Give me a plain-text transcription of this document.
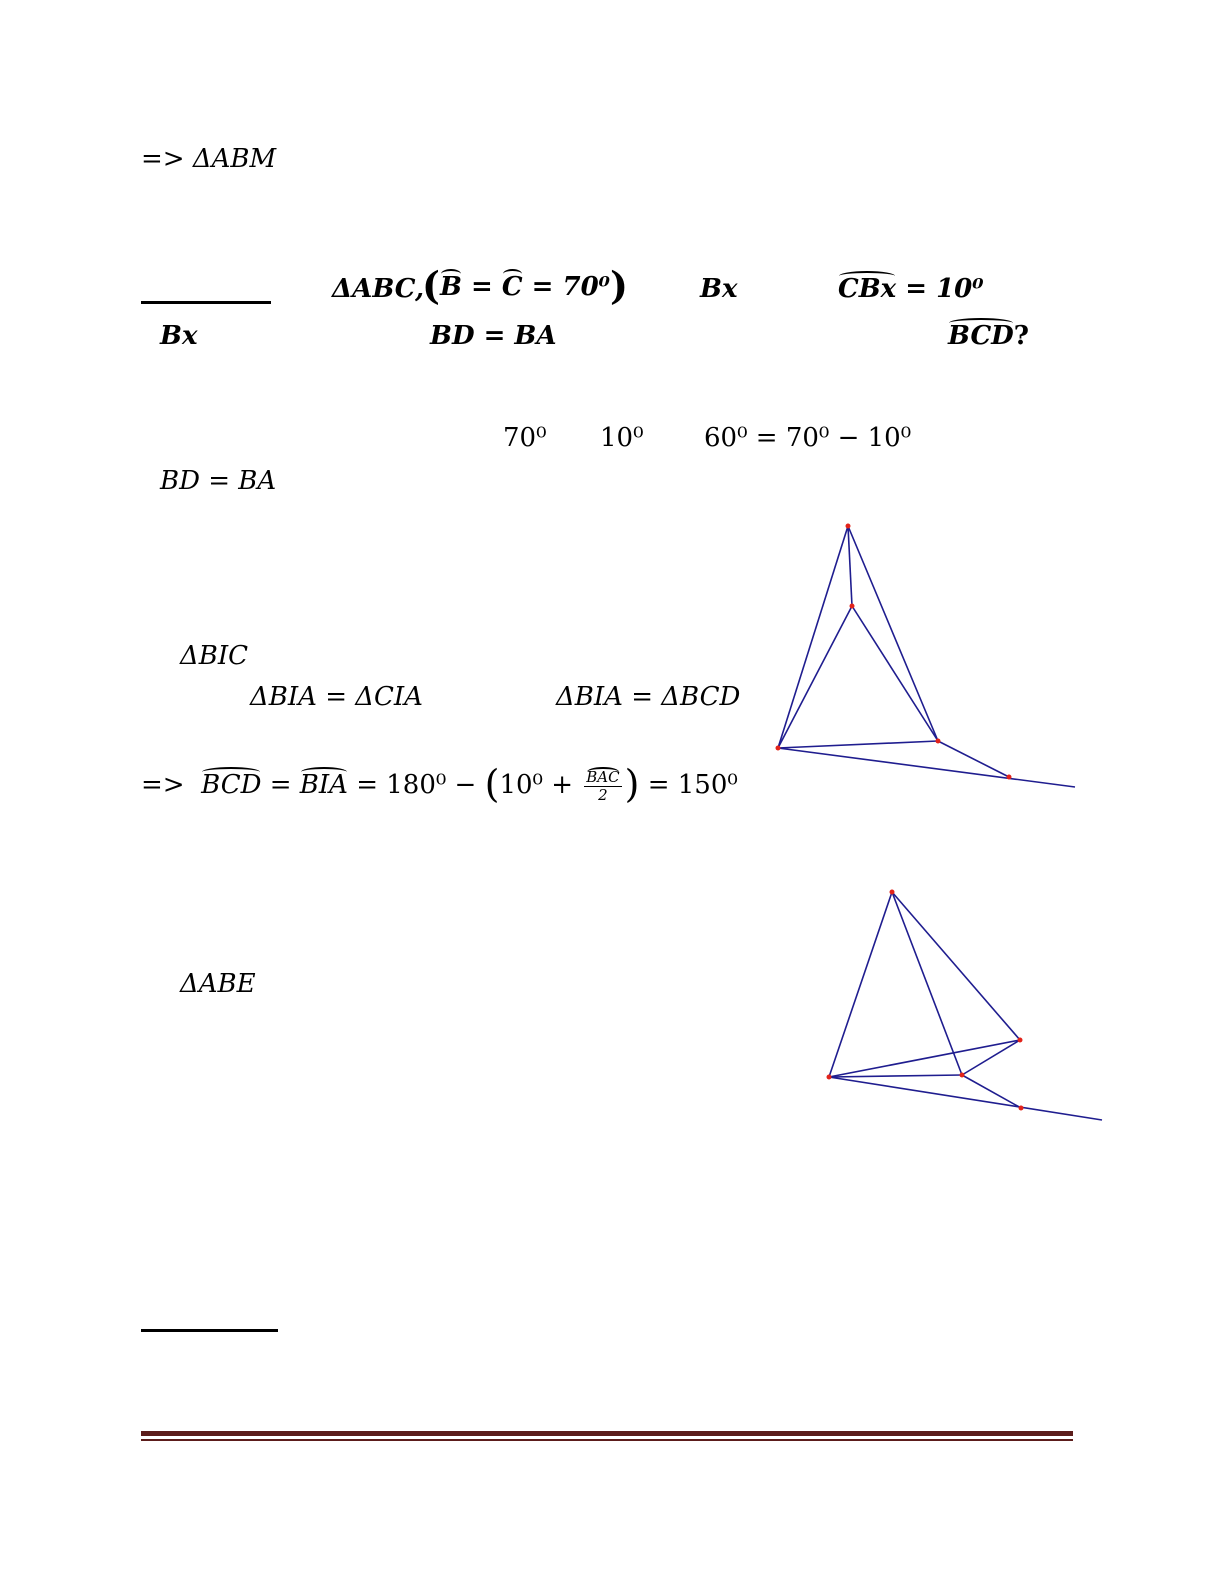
=> ΔABM
ΔABC,
(B = C = 70⁰)	Bx	CBx = 10⁰
Bx	BD = BA	BCD?
70⁰ 10⁰ 60⁰ = 70⁰ − 10⁰
BD = BA
ΔBIC
ΔBIA = ΔCIA	ΔBIA = ΔBCD
=> BCD = BIA = $180^0 - (10^0 + \frac{\text{BAC}}{2}$ ) = 150⁰
ΔABE
